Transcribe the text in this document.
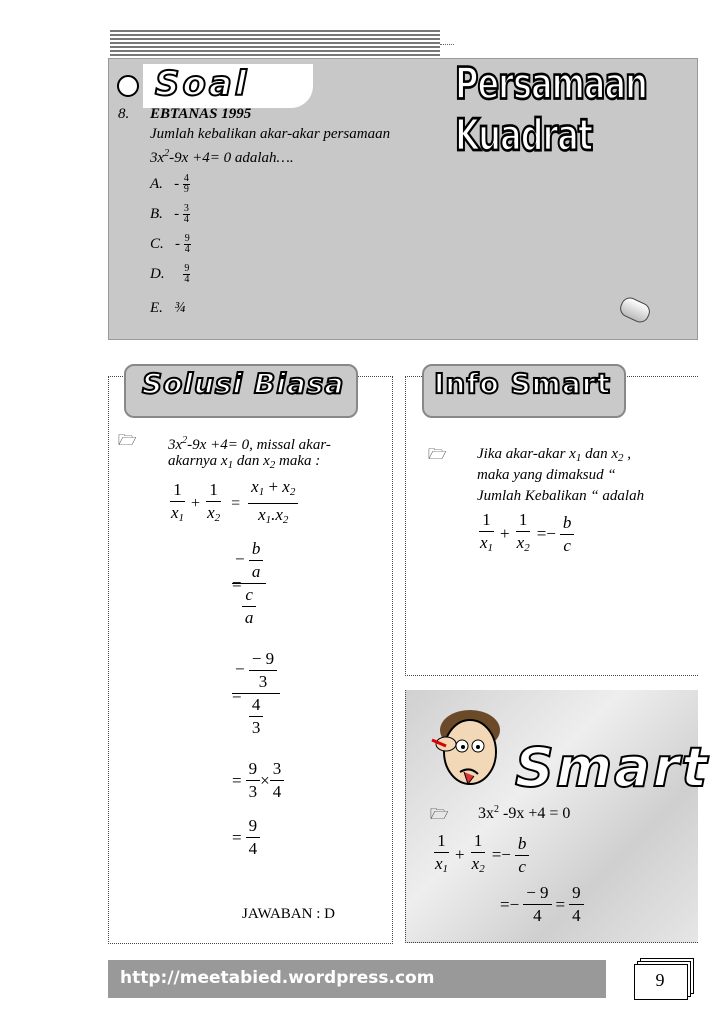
Soal	Persamaan Kuadrat
8. EBTANAS 1995
Jumlah kebalikan akar-akar persamaan
$3x^2-9x +4= 0$ adalah….
A. - $\frac{4}{9}$
B. - $\frac{3}{4}$
C. - $\frac{9}{4}$
D. $\frac{9}{4}$
E. ¾
Solusi Biasa
🗁 $3x^2-9x +4= 0$, missal akar-
akarnya $x_1$ dan $x_2$ maka :
$\frac{1}{x_1} + \frac{1}{x_2} = \frac{x_1 + x_2}{x_1.x_2}$
$\frac{- \frac{b}{a}}{\frac{c}{a}}$
=
$\frac{- \frac{- 9}{3}}{\frac{4}{3}}$
=
= $\frac{9}{3} \times \frac{3}{4}$
= $\frac{9}{4}$
JAWABAN : D
Info Smart
🗁 Jika akar-akar $x_1$ dan $x_2$ ,
maka yang dimaksud “
Jumlah Kebalikan “ adalah
$\frac{1}{x_1} + \frac{1}{x_2} =- \frac{b}{c}$
Smart
🗁 $3x^2$ -9x +4 = 0
$\frac{1}{x_1} + \frac{1}{x_2} =- \frac{b}{c}$
=− $\frac{- 9}{4} = \frac{9}{4}$
http://meetabied.wordpress.com	9
